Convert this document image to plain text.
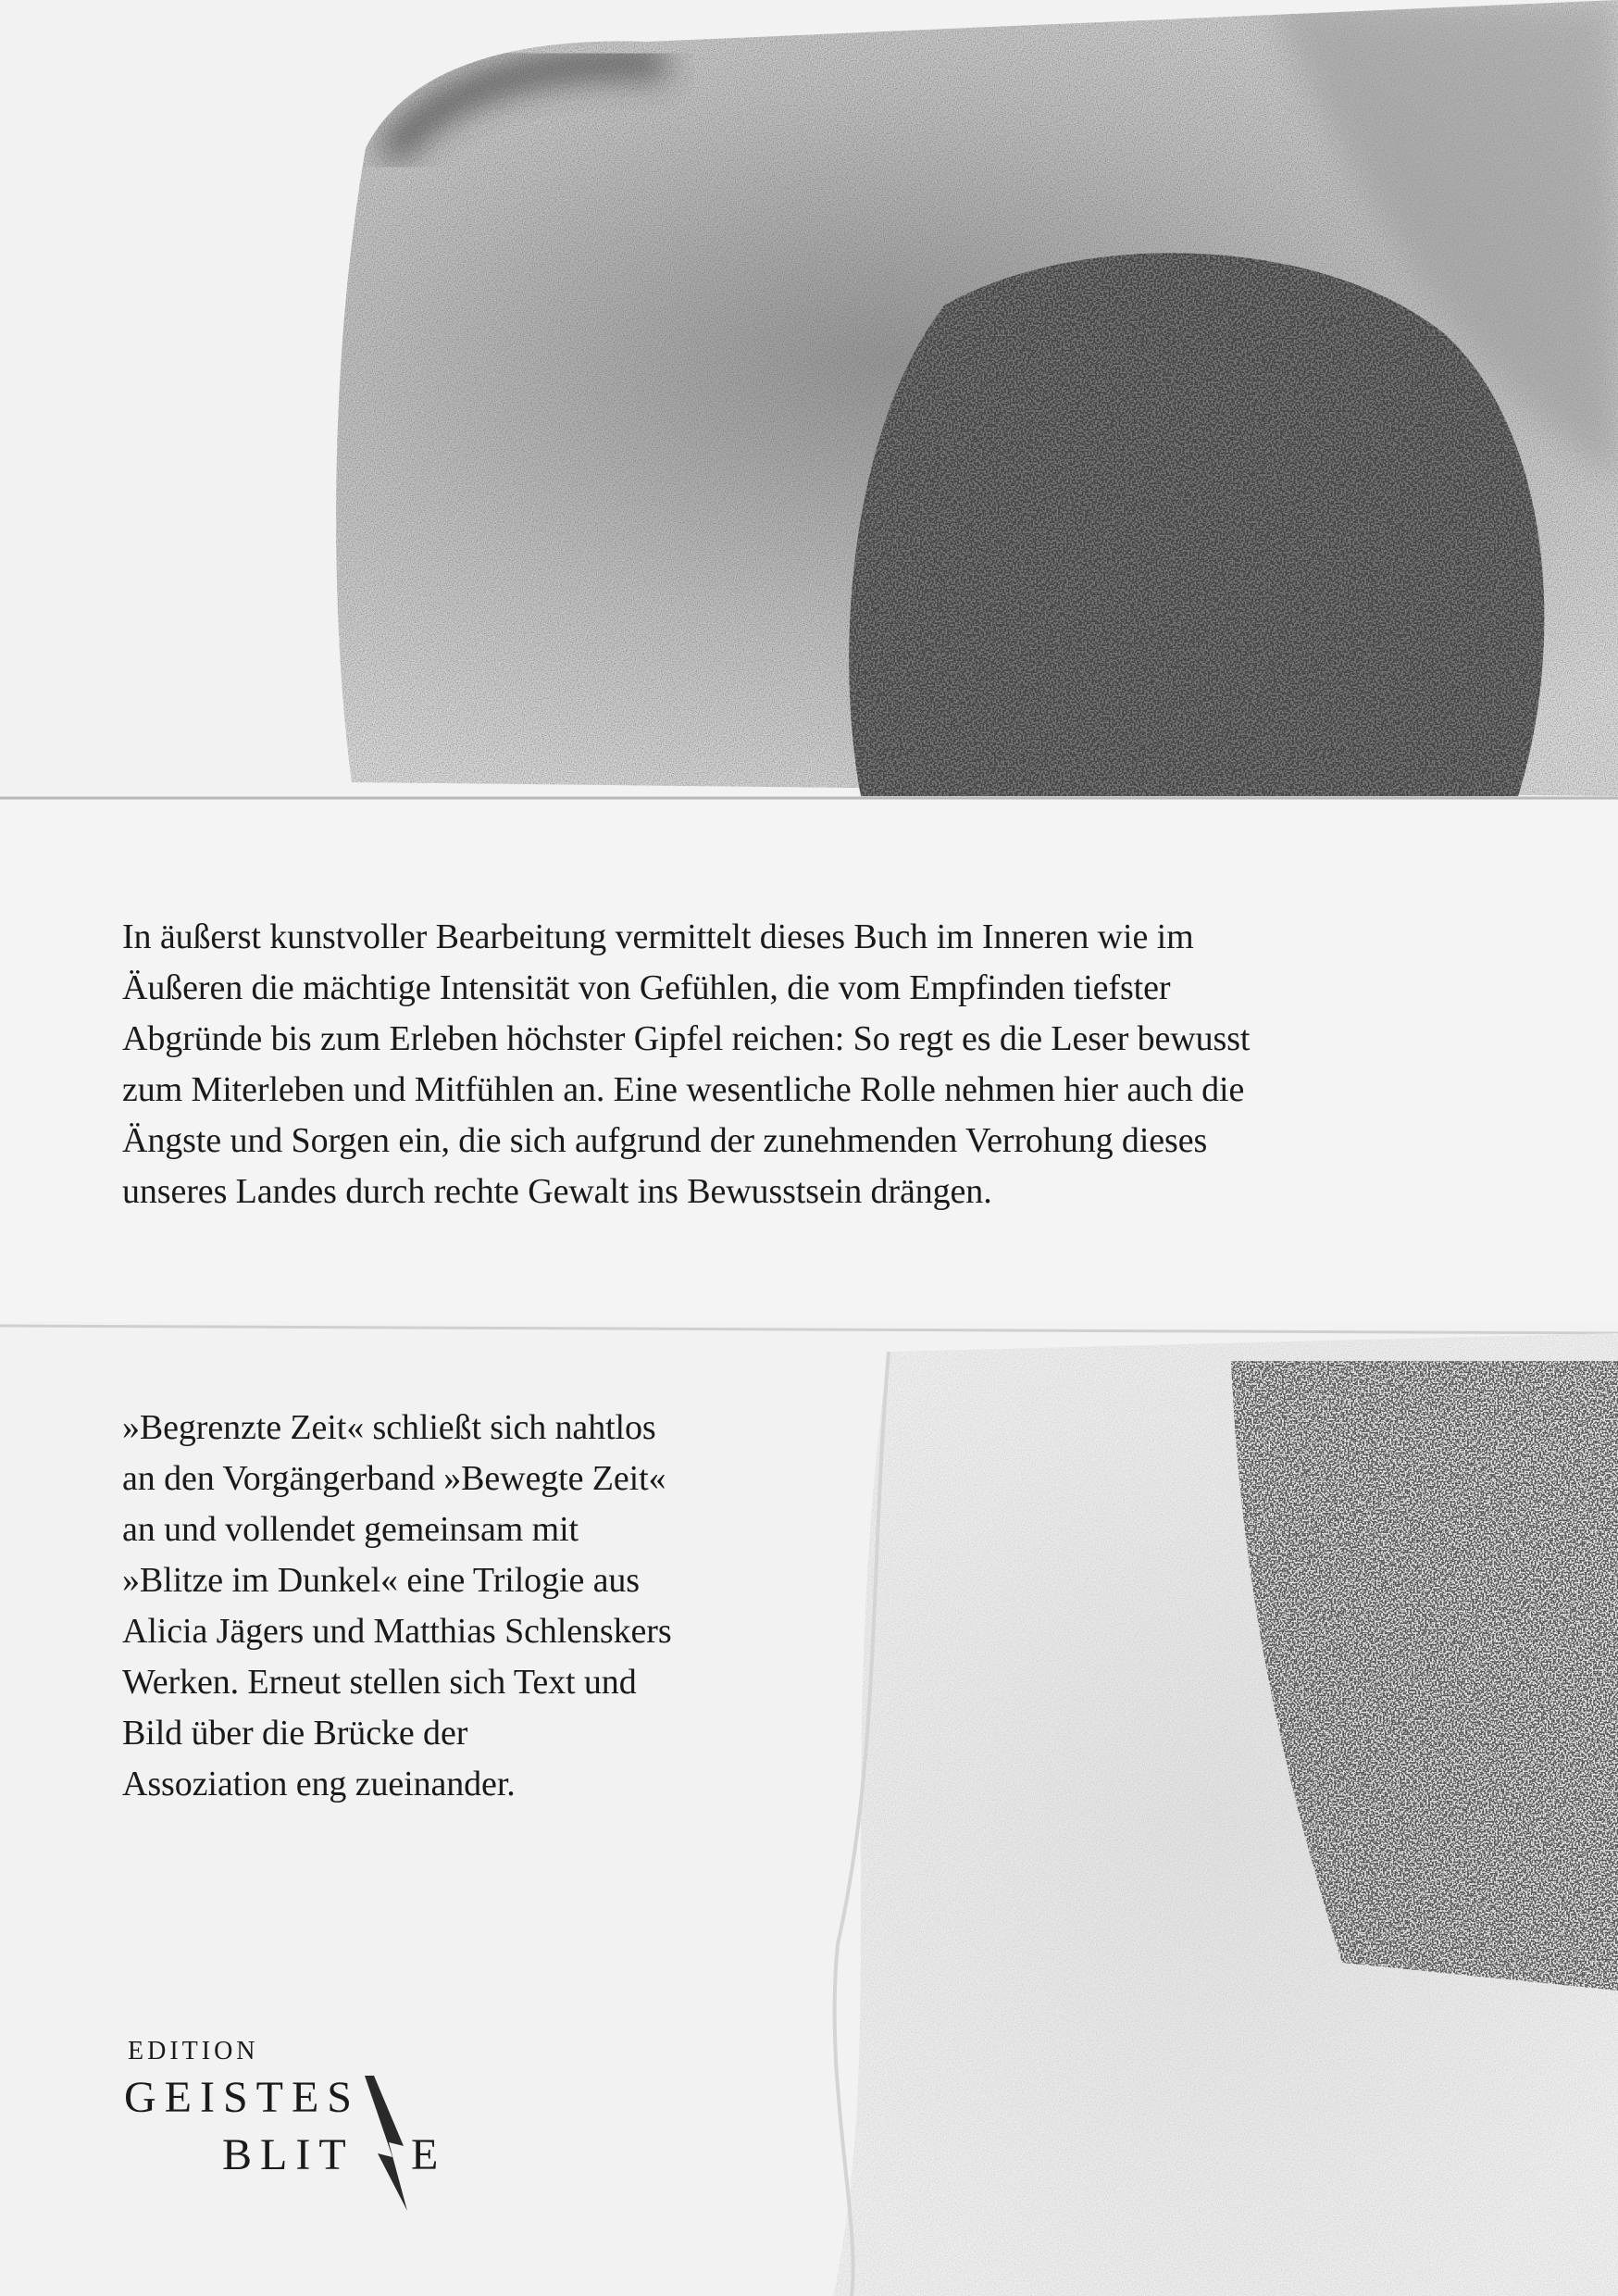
In äußerst kunstvoller Bearbeitung vermittelt dieses Buch im Inneren wie im
Äußeren die mächtige Intensität von Gefühlen, die vom Empfinden tiefster
Abgründe bis zum Erleben höchster Gipfel reichen: So regt es die Leser bewusst
zum Miterleben und Mitfühlen an. Eine wesentliche Rolle nehmen hier auch die
Ängste und Sorgen ein, die sich aufgrund der zunehmenden Verrohung dieses
unseres Landes durch rechte Gewalt ins Bewusstsein drängen.

»Begrenzte Zeit« schließt sich nahtlos
an den Vorgängerband »Bewegte Zeit«
an und vollendet gemeinsam mit
»Blitze im Dunkel« eine Trilogie aus
Alicia Jägers und Matthias Schlenskers
Werken. Erneut stellen sich Text und
Bild über die Brücke der
Assoziation eng zueinander.

EDITION
GEISTES
BLIT E
